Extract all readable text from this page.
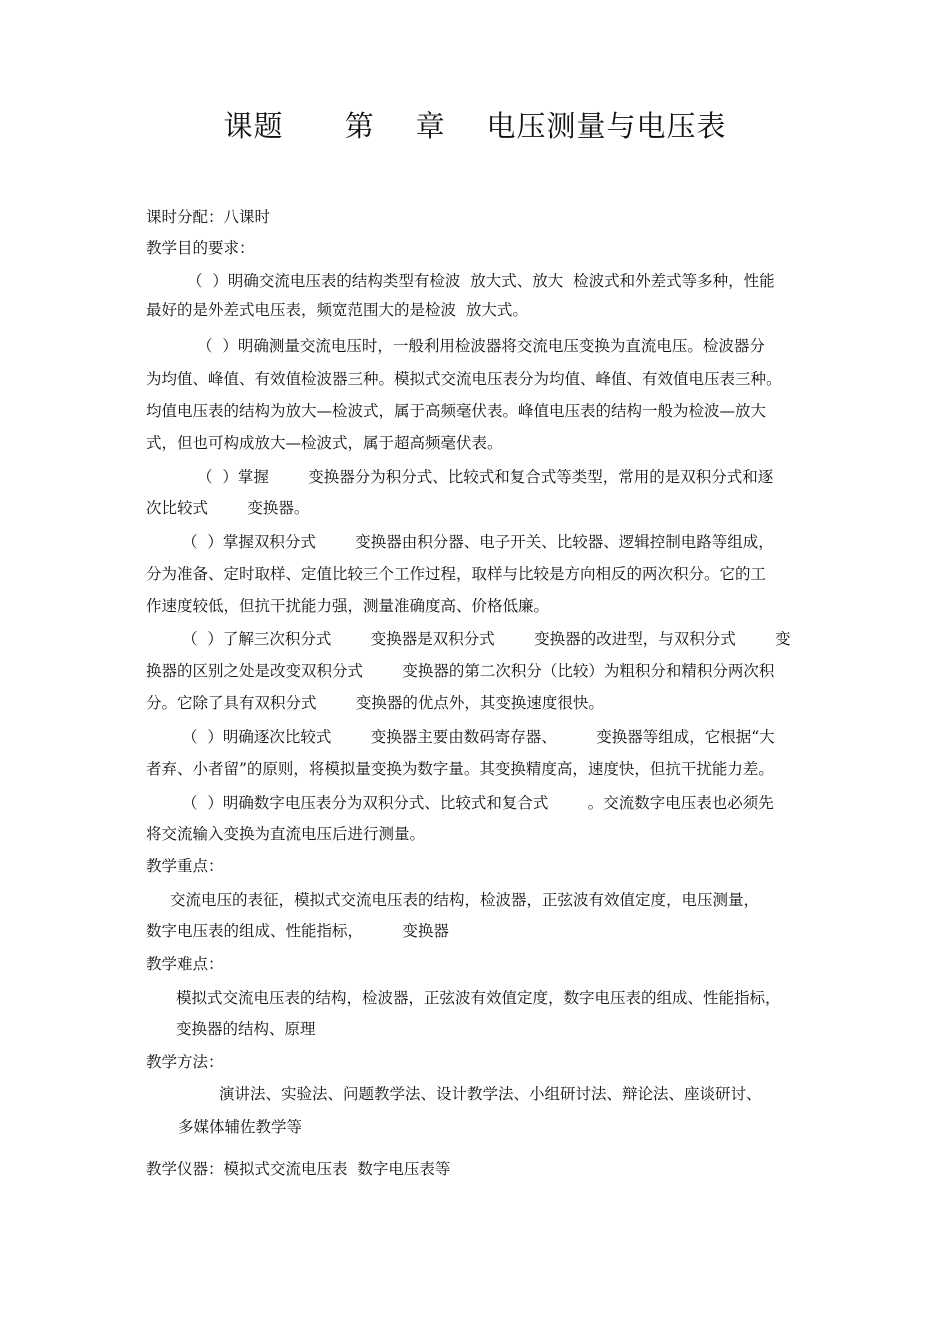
课题      第    章    电压测量与电压表
课时分配：八课时
教学目的要求：
（  ）明确交流电压表的结构类型有检波  放大式、放大  检波式和外差式等多种，性能
最好的是外差式电压表，频宽范围大的是检波  放大式。
（  ）明确测量交流电压时，一般利用检波器将交流电压变换为直流电压。检波器分
为均值、峰值、有效值检波器三种。模拟式交流电压表分为均值、峰值、有效值电压表三种。
均值电压表的结构为放大—检波式，属于高频毫伏表。峰值电压表的结构一般为检波—放大
式，但也可构成放大—检波式，属于超高频毫伏表。
（  ）掌握        变换器分为积分式、比较式和复合式等类型，常用的是双积分式和逐
次比较式        变换器。
（  ）掌握双积分式        变换器由积分器、电子开关、比较器、逻辑控制电路等组成，
分为准备、定时取样、定值比较三个工作过程，取样与比较是方向相反的两次积分。它的工
作速度较低，但抗干扰能力强，测量准确度高、价格低廉。
（  ）了解三次积分式        变换器是双积分式        变换器的改进型，与双积分式        变
换器的区别之处是改变双积分式        变换器的第二次积分（比较）为粗积分和精积分两次积
分。它除了具有双积分式        变换器的优点外，其变换速度很快。
（  ）明确逐次比较式        变换器主要由数码寄存器、        变换器等组成，它根据“大
者弃、小者留”的原则，将模拟量变换为数字量。其变换精度高，速度快，但抗干扰能力差。
（  ）明确数字电压表分为双积分式、比较式和复合式        。交流数字电压表也必须先
将交流输入变换为直流电压后进行测量。
教学重点：
交流电压的表征，模拟式交流电压表的结构，检波器，正弦波有效值定度，电压测量，
数字电压表的组成、性能指标，        变换器
教学难点：
模拟式交流电压表的结构，检波器，正弦波有效值定度，数字电压表的组成、性能指标，
变换器的结构、原理
教学方法：
演讲法、实验法、问题教学法、设计教学法、小组研讨法、辩论法、座谈研讨、
多媒体辅佐教学等
教学仪器：模拟式交流电压表  数字电压表等
